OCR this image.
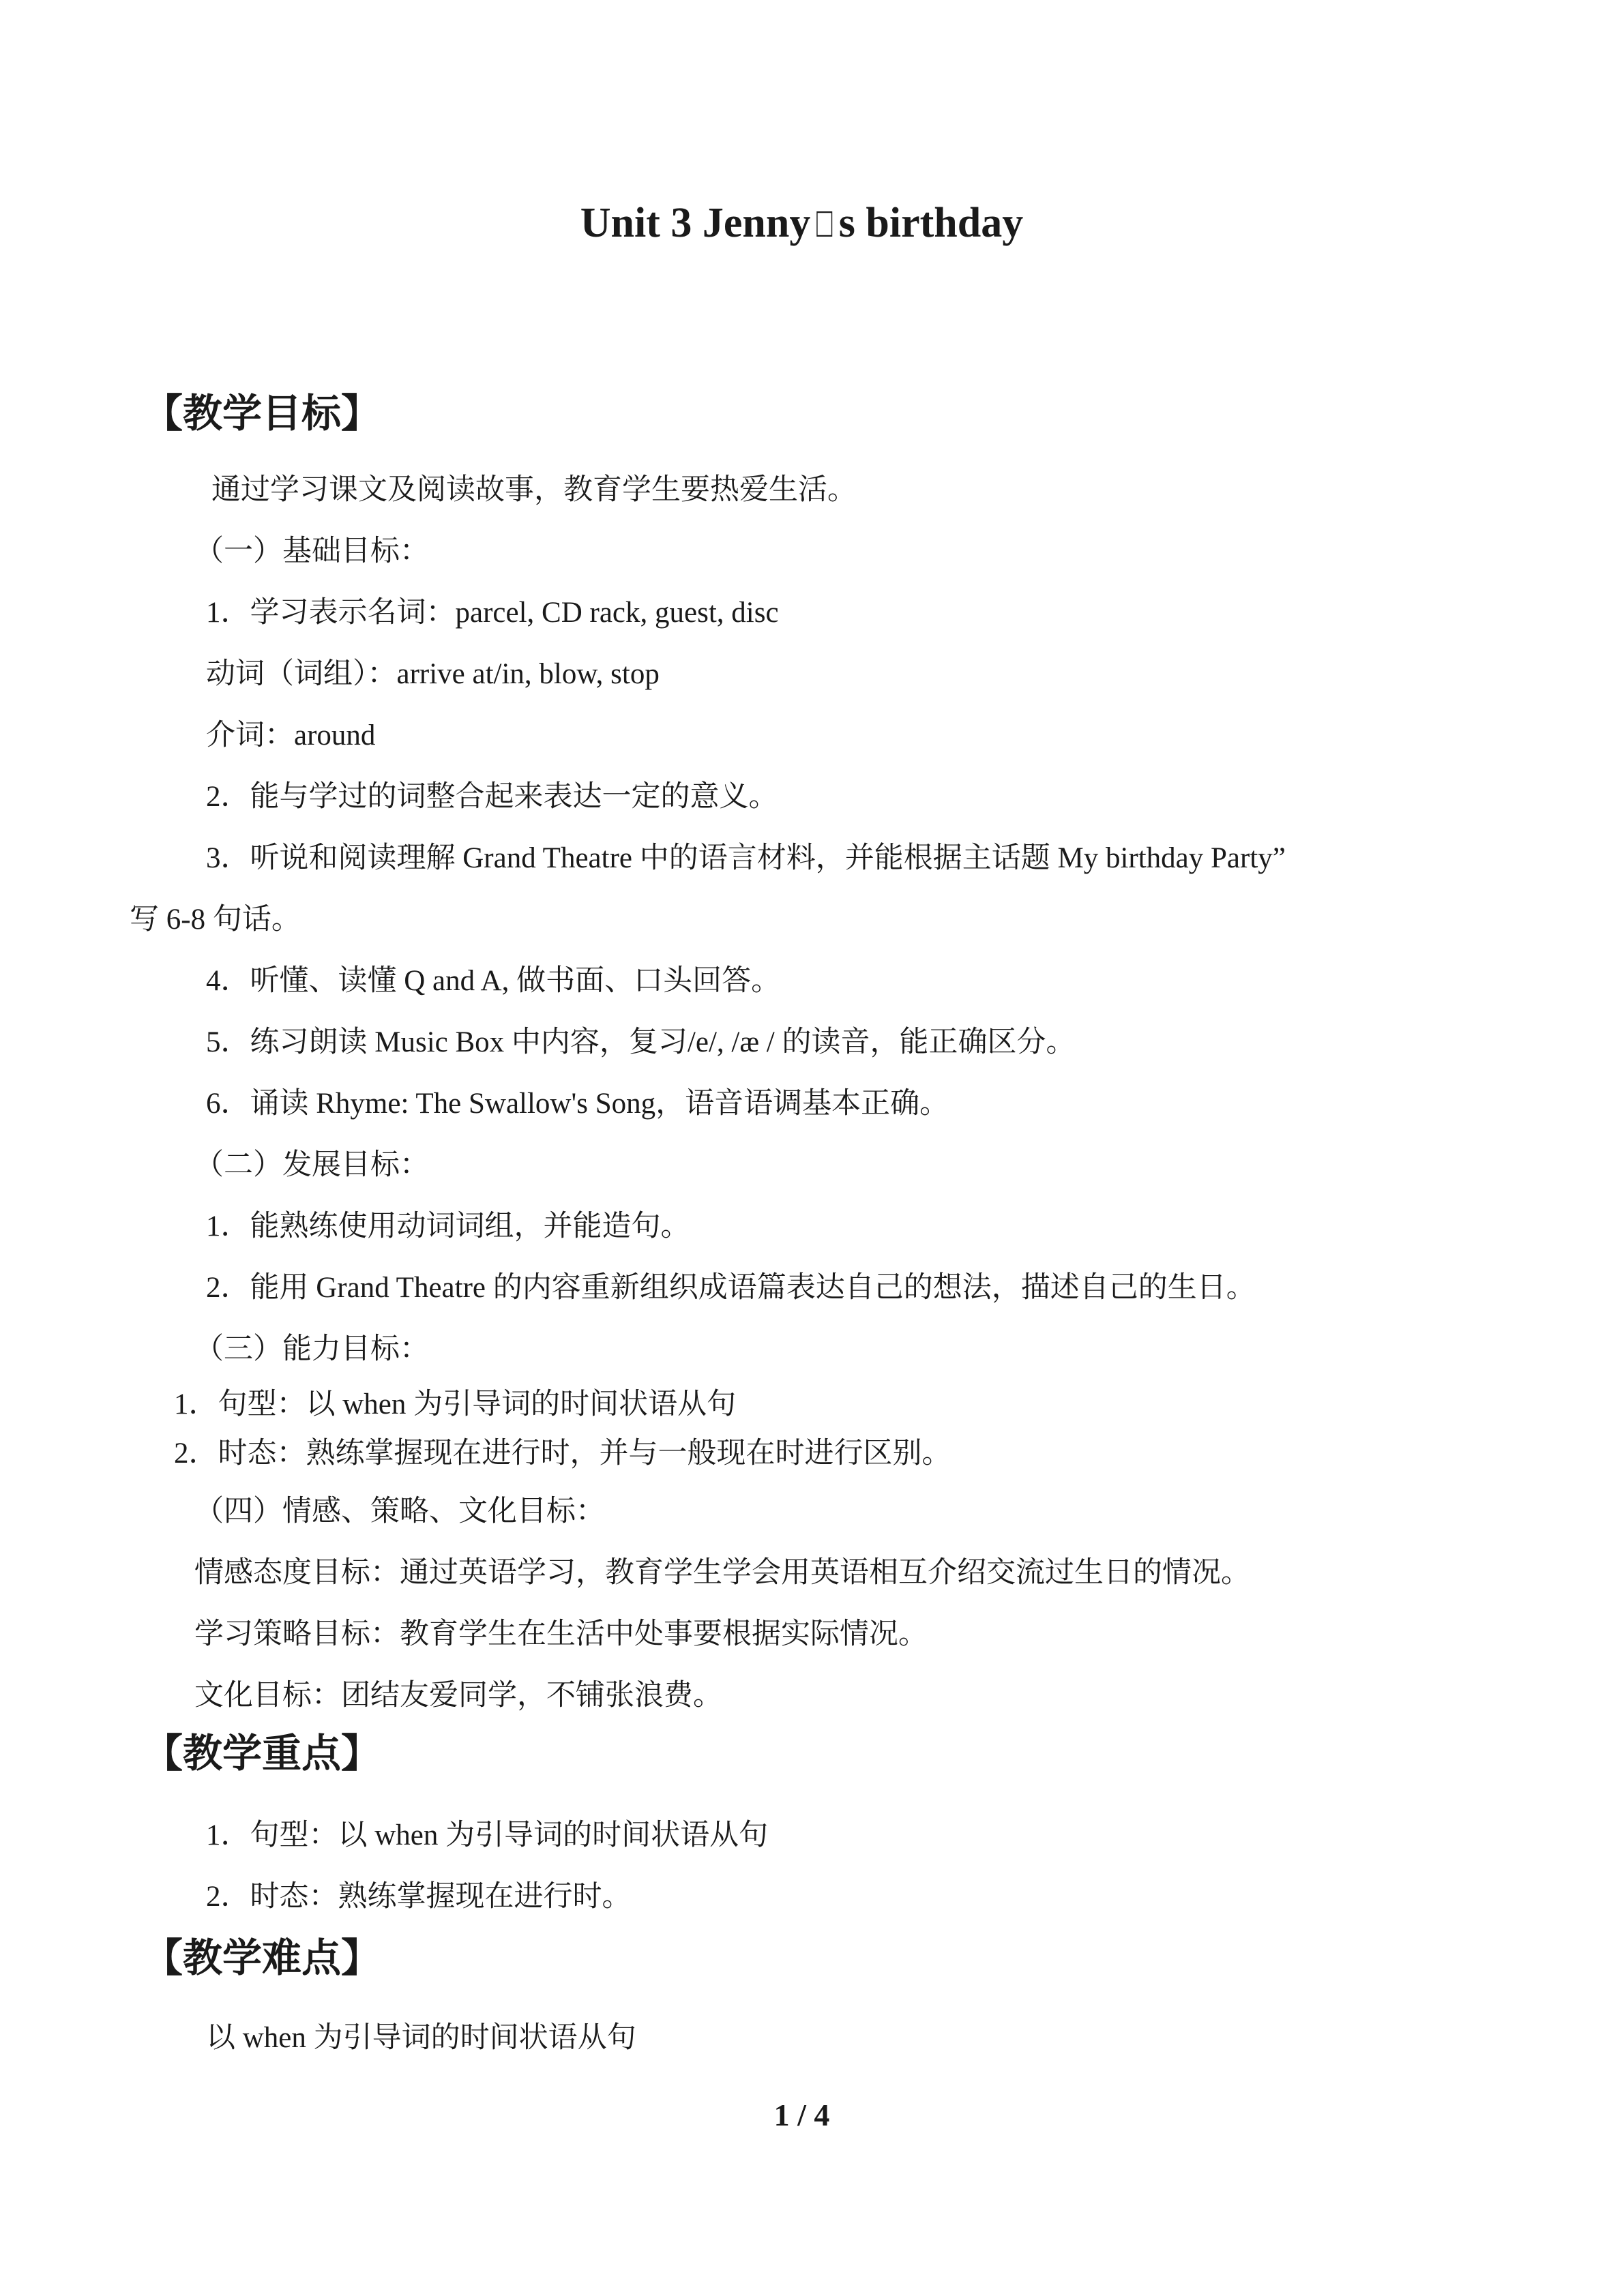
Unit 3 Jenny □ s birthday

【教学目标】

通过学习课文及阅读故事，教育学生要热爱生活。

（一）基础目标：

1．学习表示名词：parcel, CD rack, guest, disc

动词（词组）：arrive at/in, blow, stop

介词：around

2．能与学过的词整合起来表达一定的意义。

3．听说和阅读理解 Grand Theatre 中的语言材料，并能根据主话题 My birthday Party”

写 6-8 句话。

4．听懂、读懂 Q and A, 做书面、口头回答。

5．练习朗读 Music Box 中内容，复习/e/, /æ / 的读音，能正确区分。

6．诵读 Rhyme: The Swallow's Song，语音语调基本正确。

（二）发展目标：

1．能熟练使用动词词组，并能造句。

2．能用 Grand Theatre 的内容重新组织成语篇表达自己的想法，描述自己的生日。

（三）能力目标：

1．句型：以 when 为引导词的时间状语从句

2．时态：熟练掌握现在进行时，并与一般现在时进行区别。

（四）情感、策略、文化目标：

情感态度目标：通过英语学习，教育学生学会用英语相互介绍交流过生日的情况。

学习策略目标：教育学生在生活中处事要根据实际情况。

文化目标：团结友爱同学，不铺张浪费。

【教学重点】

1．句型：以 when 为引导词的时间状语从句

2．时态：熟练掌握现在进行时。

【教学难点】

以 when 为引导词的时间状语从句

1 / 4
